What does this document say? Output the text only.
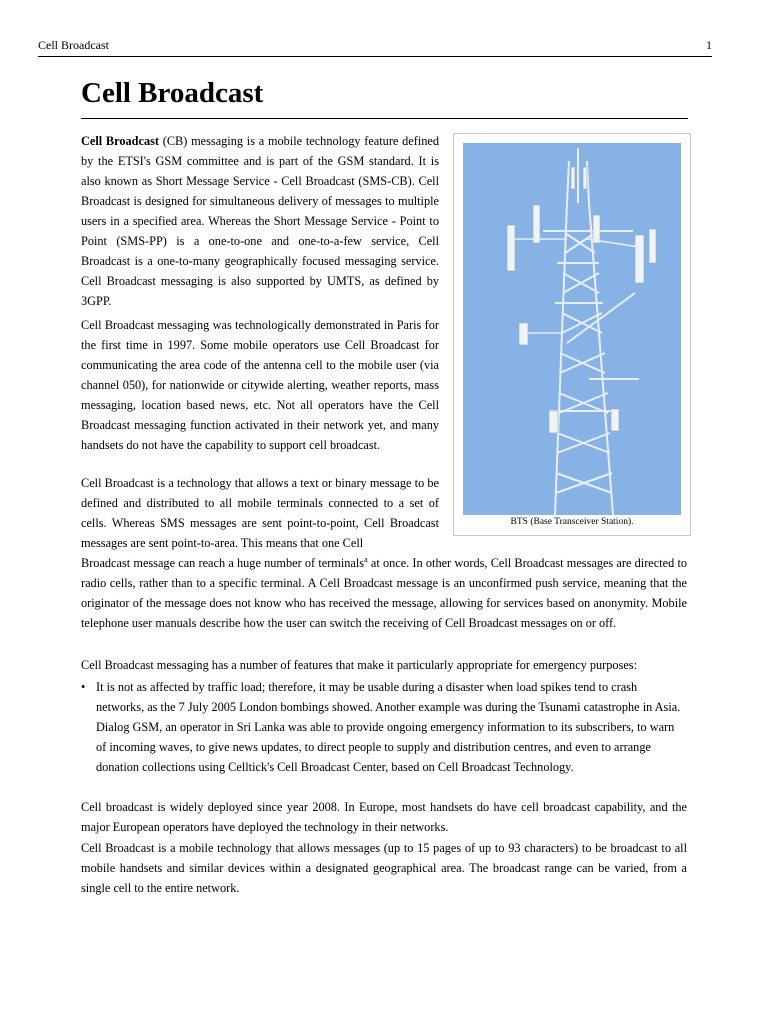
Cell Broadcast	1
Cell Broadcast
Cell Broadcast (CB) messaging is a mobile technology feature defined by the ETSI's GSM committee and is part of the GSM standard. It is also known as Short Message Service - Cell Broadcast (SMS-CB). Cell Broadcast is designed for simultaneous delivery of messages to multiple users in a specified area. Whereas the Short Message Service - Point to Point (SMS-PP) is a one-to-one and one-to-a-few service, Cell Broadcast is a one-to-many geographically focused messaging service. Cell Broadcast messaging is also supported by UMTS, as defined by 3GPP.
Cell Broadcast messaging was technologically demonstrated in Paris for the first time in 1997. Some mobile operators use Cell Broadcast for communicating the area code of the antenna cell to the mobile user (via channel 050), for nationwide or citywide alerting, weather reports, mass messaging, location based news, etc. Not all operators have the Cell Broadcast messaging function activated in their network yet, and many handsets do not have the capability to support cell broadcast.
Cell Broadcast is a technology that allows a text or binary message to be defined and distributed to all mobile terminals connected to a set of cells. Whereas SMS messages are sent point-to-point, Cell Broadcast messages are sent point-to-area. This means that one Cell
Broadcast message can reach a huge number of terminals$^a$ at once. In other words, Cell Broadcast messages are directed to radio cells, rather than to a specific terminal. A Cell Broadcast message is an unconfirmed push service, meaning that the originator of the message does not know who has received the message, allowing for services based on anonymity. Mobile telephone user manuals describe how the user can switch the receiving of Cell Broadcast messages on or off.
Cell Broadcast messaging has a number of features that make it particularly appropriate for emergency purposes:
• It is not as affected by traffic load; therefore, it may be usable during a disaster when load spikes tend to crash networks, as the 7 July 2005 London bombings showed. Another example was during the Tsunami catastrophe in Asia. Dialog GSM, an operator in Sri Lanka was able to provide ongoing emergency information to its subscribers, to warn of incoming waves, to give news updates, to direct people to supply and distribution centres, and even to arrange donation collections using Celltick's Cell Broadcast Center, based on Cell Broadcast Technology.
Cell broadcast is widely deployed since year 2008. In Europe, most handsets do have cell broadcast capability, and the major European operators have deployed the technology in their networks.
Cell Broadcast is a mobile technology that allows messages (up to 15 pages of up to 93 characters) to be broadcast to all mobile handsets and similar devices within a designated geographical area. The broadcast range can be varied, from a single cell to the entire network.
BTS (Base Transceiver Station).
